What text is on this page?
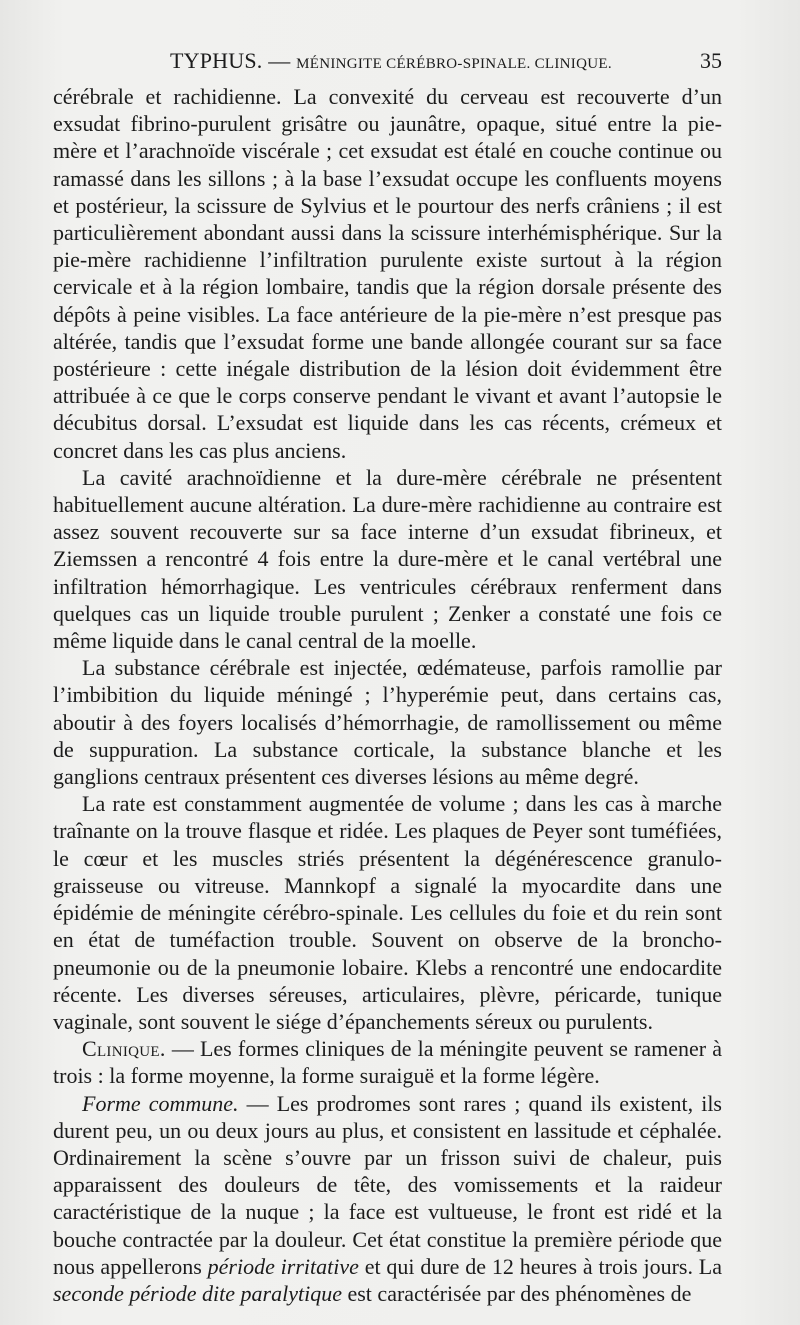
TYPHUS. — MÉNINGITE CÉRÉBRO-SPINALE. CLINIQUE.	35

cérébrale et rachidienne. La convexité du cerveau est recouverte d’un exsudat fibrino-purulent grisâtre ou jaunâtre, opaque, situé entre la pie-mère et l’arachnoïde viscérale ; cet exsudat est étalé en couche continue ou ramassé dans les sillons ; à la base l’exsudat occupe les confluents moyens et postérieur, la scissure de Sylvius et le pourtour des nerfs crâniens ; il est particulièrement abondant aussi dans la scissure interhémisphérique. Sur la pie-mère rachidienne l’infiltration purulente existe surtout à la région cervicale et à la région lombaire, tandis que la région dorsale présente des dépôts à peine visibles. La face antérieure de la pie-mère n’est presque pas altérée, tandis que l’exsudat forme une bande allongée courant sur sa face postérieure : cette inégale distribution de la lésion doit évidemment être attribuée à ce que le corps conserve pendant le vivant et avant l’autopsie le décubitus dorsal. L’exsudat est liquide dans les cas récents, crémeux et concret dans les cas plus anciens.

La cavité arachnoïdienne et la dure-mère cérébrale ne présentent habituellement aucune altération. La dure-mère rachidienne au contraire est assez souvent recouverte sur sa face interne d’un exsudat fibrineux, et Ziemssen a rencontré 4 fois entre la dure-mère et le canal vertébral une infiltration hémorrhagique. Les ventricules cérébraux renferment dans quelques cas un liquide trouble purulent ; Zenker a constaté une fois ce même liquide dans le canal central de la moelle.

La substance cérébrale est injectée, œdémateuse, parfois ramollie par l’imbibition du liquide méningé ; l’hyperémie peut, dans certains cas, aboutir à des foyers localisés d’hémorrhagie, de ramollissement ou même de suppuration. La substance corticale, la substance blanche et les ganglions centraux présentent ces diverses lésions au même degré.

La rate est constamment augmentée de volume ; dans les cas à marche traînante on la trouve flasque et ridée. Les plaques de Peyer sont tuméfiées, le cœur et les muscles striés présentent la dégénérescence granulo-graisseuse ou vitreuse. Mannkopf a signalé la myocardite dans une épidémie de méningite cérébro-spinale. Les cellules du foie et du rein sont en état de tuméfaction trouble. Souvent on observe de la broncho-pneumonie ou de la pneumonie lobaire. Klebs a rencontré une endocardite récente. Les diverses séreuses, articulaires, plèvre, péricarde, tunique vaginale, sont souvent le siége d’épanchements séreux ou purulents.

Clinique. — Les formes cliniques de la méningite peuvent se ramener à trois : la forme moyenne, la forme suraiguë et la forme légère.

Forme commune. — Les prodromes sont rares ; quand ils existent, ils durent peu, un ou deux jours au plus, et consistent en lassitude et céphalée. Ordinairement la scène s’ouvre par un frisson suivi de chaleur, puis apparaissent des douleurs de tête, des vomissements et la raideur caractéristique de la nuque ; la face est vultueuse, le front est ridé et la bouche contractée par la douleur. Cet état constitue la première période que nous appellerons période irritative et qui dure de 12 heures à trois jours. La seconde période dite paralytique est caractérisée par des phénomènes de
